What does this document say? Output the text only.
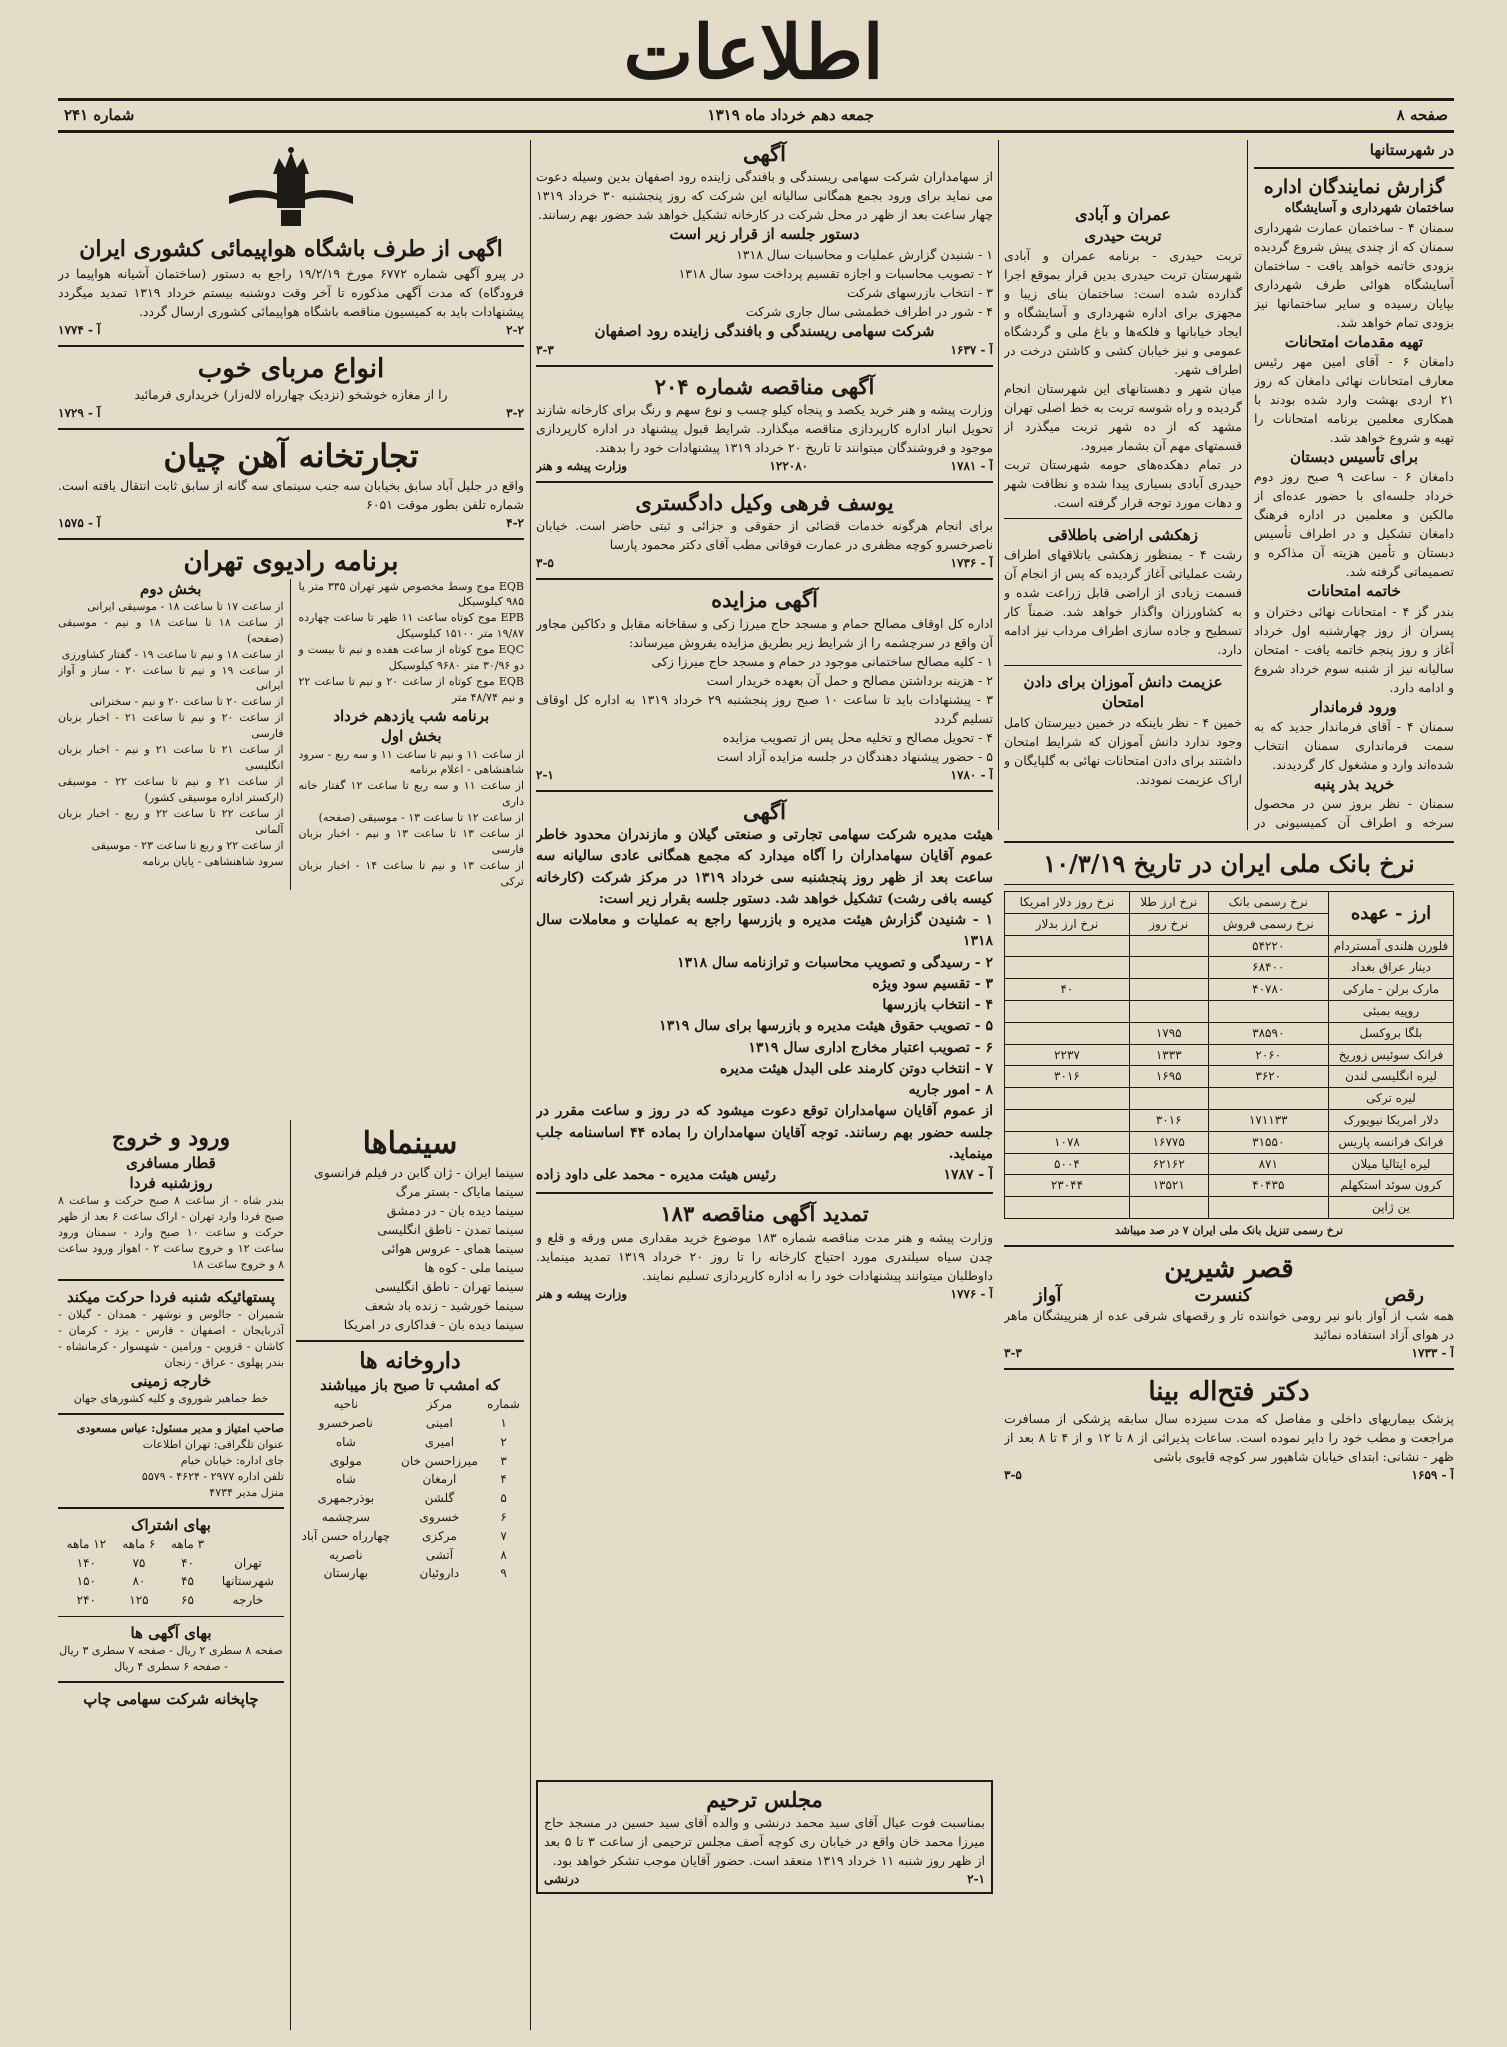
اطلاعات
صفحه ۸
جمعه دهم خرداد ماه ۱۳۱۹
شماره ۲۴۱
در شهرستانها
گزارش نمایندگان اداره
ساختمان شهرداری و آسایشگاه

سمنان ۴ - ساختمان عمارت شهرداری سمنان که از چندی پیش شروع گردیده بزودی خاتمه خواهد یافت - ساختمان آسایشگاه هوائی طرف شهرداری بپایان رسیده و سایر ساختمانها نیز بزودی تمام خواهد شد.

تهیه مقدمات امتحانات

دامغان ۶ - آقای امین مهر رئیس معارف امتحانات نهائی دامغان که روز ۲۱ اردی بهشت وارد شده بودند با همکاری معلمین برنامه امتحانات را تهیه و شروع خواهد شد.

برای تأسیس دبستان

دامغان ۶ - ساعت ۹ صبح روز دوم خرداد جلسه‌ای با حضور عده‌ای از مالکین و معلمین در اداره فرهنگ دامغان تشکیل و در اطراف تأسیس دبستان و تأمین هزینه آن مذاکره و تصمیماتی گرفته شد.

خاتمه امتحانات

بندر گز ۴ - امتحانات نهائی دختران و پسران از روز چهارشنبه اول خرداد آغاز و روز پنجم خاتمه یافت - امتحان سالیانه نیز از شنبه سوم خرداد شروع و ادامه دارد.

ورود فرماندار

سمنان ۴ - آقای فرماندار جدید که به سمت فرمانداری سمنان انتخاب شده‌اند وارد و مشغول کار گردیدند.

خرید بذر پنبه

سمنان - نظر بروز سن در محصول سرخه و اطراف آن کمیسیونی در

عمران و آبادی
تربت حیدری

تربت حیدری - برنامه عمران و آبادی شهرستان تربت حیدری بدین قرار بموقع اجرا گذارده شده است: ساختمان بنای زیبا و مجهزی برای اداره شهرداری و آسایشگاه و ایجاد خیابانها و فلکه‌ها و باغ ملی و گردشگاه عمومی و نیز خیابان کشی و کاشتن درخت در اطراف شهر.

میان شهر و دهستانهای این شهرستان انجام گردیده و راه شوسه تربت به خط اصلی تهران مشهد که از ده شهر تربت میگذرد از قسمتهای مهم آن بشمار میرود.

در تمام دهکده‌های حومه شهرستان تربت حیدری آبادی بسیاری پیدا شده و نظافت شهر و دهات مورد توجه قرار گرفته است.

زهکشی اراضی باطلاقی

رشت ۴ - بمنظور زهکشی باتلاقهای اطراف رشت عملیاتی آغاز گردیده که پس از انجام آن قسمت زیادی از اراضی قابل زراعت شده و به کشاورزان واگذار خواهد شد. ضمناً کار تسطیح و جاده سازی اطراف مرداب نیز ادامه دارد.

عزیمت دانش آموزان برای دادن امتحان

خمین ۴ - نظر باینکه در خمین دبیرستان کامل وجود ندارد دانش آموزان که شرایط امتحان داشتند برای دادن امتحانات نهائی به گلپایگان و اراک عزیمت نمودند.

آگهی

از سهامداران شرکت سهامی ریسندگی و بافندگی زاینده رود اصفهان بدین وسیله دعوت می نماید برای ورود بجمع همگانی سالیانه این شرکت که روز پنجشنبه ۳۰ خرداد ۱۳۱۹ چهار ساعت بعد از ظهر در محل شرکت در کارخانه تشکیل خواهد شد حضور بهم رسانند.

دستور جلسه از قرار زیر است
۱ - شنیدن گزارش عملیات و محاسبات سال ۱۳۱۸
۲ - تصویب محاسبات و اجازه تقسیم پرداخت سود سال ۱۳۱۸
۳ - انتخاب بازرسهای شرکت
۴ - شور در اطراف خطمشی سال جاری شرکت
شرکت سهامی ریسندگی و بافندگی زاینده رود اصفهان
آ - ۱۶۳۷
۳-۳
آگهی مناقصه شماره ۲۰۴

وزارت پیشه و هنر خرید یکصد و پنجاه کیلو چسب و نوع سهم و رنگ برای کارخانه شازند تحویل انبار اداره کارپردازی مناقصه میگذارد. شرایط قبول پیشنهاد در اداره کارپردازی موجود و فروشندگان میتوانند تا تاریخ ۲۰ خرداد ۱۳۱۹ پیشنهادات خود را بدهند.

آ - ۱۷۸۱
۱۲۲۰۸۰
وزارت پیشه و هنر
یوسف فرهی وکیل دادگستری

برای انجام هرگونه خدمات قضائی از حقوقی و جزائی و ثبتی حاضر است. خیابان ناصرخسرو کوچه مظفری در عمارت فوقانی مطب آقای دکتر محمود پارسا

آ - ۱۷۳۶
۳-۵
آگهی مزایده

اداره کل اوقاف مصالح حمام و مسجد حاج میرزا زکی و سقاخانه مقابل و دکاکین مجاور آن واقع در سرچشمه را از شرایط زیر بطریق مزایده بفروش میرساند:

۱ - کلیه مصالح ساختمانی موجود در حمام و مسجد حاج میرزا زکی
۲ - هزینه برداشتن مصالح و حمل آن بعهده خریدار است
۳ - پیشنهادات باید تا ساعت ۱۰ صبح روز پنجشنبه ۲۹ خرداد ۱۳۱۹ به اداره کل اوقاف تسلیم گردد
۴ - تحویل مصالح و تخلیه محل پس از تصویب مزایده
۵ - حضور پیشنهاد دهندگان در جلسه مزایده آزاد است
آ - ۱۷۸۰
۲-۱
آگهی

هیئت مدیره شرکت سهامی تجارتی و صنعتی گیلان و مازندران محدود خاطر عموم آقایان سهامداران را آگاه میدارد که مجمع همگانی عادی سالیانه سه ساعت بعد از ظهر روز پنجشنبه سی خرداد ۱۳۱۹ در مرکز شرکت (کارخانه کیسه بافی رشت) تشکیل خواهد شد. دستور جلسه بقرار زیر است:

۱ - شنیدن گزارش هیئت مدیره و بازرسها راجع به عملیات و معاملات سال ۱۳۱۸
۲ - رسیدگی و تصویب محاسبات و ترازنامه سال ۱۳۱۸
۳ - تقسیم سود ویژه
۴ - انتخاب بازرسها
۵ - تصویب حقوق هیئت مدیره و بازرسها برای سال ۱۳۱۹
۶ - تصویب اعتبار مخارج اداری سال ۱۳۱۹
۷ - انتخاب دوتن کارمند علی البدل هیئت مدیره
۸ - امور جاریه

از عموم آقایان سهامداران توقع دعوت میشود که در روز و ساعت مقرر در جلسه حضور بهم رسانند. توجه آقایان سهامداران را بماده ۴۴ اساسنامه جلب مینماید.

آ - ۱۷۸۷
رئیس هیئت مدیره - محمد علی داود زاده
تمدید آگهی مناقصه ۱۸۳

وزارت پیشه و هنر مدت مناقصه شماره ۱۸۳ موضوع خرید مقداری مس ورقه و قلع و چدن سیاه سیلندری مورد احتیاج کارخانه را تا روز ۲۰ خرداد ۱۳۱۹ تمدید مینماید. داوطلبان میتوانند پیشنهادات خود را به اداره کارپردازی تسلیم نمایند.

آ - ۱۷۷۶
وزارت پیشه و هنر
اگهی از طرف باشگاه هواپیمائی کشوری ایران

در پیرو آگهی شماره ۶۷۷۲ مورخ ۱۹/۲/۱۹ راجع به دستور (ساختمان آشیانه هواپیما در فرودگاه) که مدت آگهی مذکوره تا آخر وقت دوشنبه بیستم خرداد ۱۳۱۹ تمدید میگردد پیشنهادات باید به کمیسیون مناقصه باشگاه هواپیمائی کشوری ارسال گردد.

۲-۲
آ - ۱۷۷۴
انواع مربای خوب

را از مغازه خوشخو (نزدیک چهارراه لاله‌زار) خریداری فرمائید

۳-۲
آ - ۱۷۲۹
تجارتخانه آهن چیان

واقع در جلیل آباد سابق بخیابان سه جنب سینمای سه گانه از سابق ثابت انتقال یافته است. شماره تلفن بطور موقت ۶۰۵۱

۴-۲
آ - ۱۵۷۵
برنامه رادیوی تهران
EQB موج وسط مخصوص شهر تهران ۳۳۵ متر یا ۹۸۵ کیلوسیکل
EPB موج کوتاه ساعت ۱۱ ظهر تا ساعت چهارده ۱۹/۸۷ متر ۱۵۱۰۰ کیلوسیکل
EQC موج کوتاه از ساعت هفده و نیم تا بیست و دو ۳۰/۹۶ متر ۹۶۸۰ کیلوسیکل
EQB موج کوتاه از ساعت ۲۰ و نیم تا ساعت ۲۲ و نیم ۴۸/۷۴ متر
برنامه شب یازدهم خرداد
بخش اول
از ساعت ۱۱ و نیم تا ساعت ۱۱ و سه ربع - سرود شاهنشاهی - اعلام برنامه
از ساعت ۱۱ و سه ربع تا ساعت ۱۲ گفتار خانه داری
از ساعت ۱۲ تا ساعت ۱۳ - موسیقی (صفحه)
از ساعت ۱۳ تا ساعت ۱۳ و نیم - اخبار بزبان فارسی
از ساعت ۱۳ و نیم تا ساعت ۱۴ - اخبار بزبان ترکی
بخش دوم
از ساعت ۱۷ تا ساعت ۱۸ - موسیقی ایرانی
از ساعت ۱۸ تا ساعت ۱۸ و نیم - موسیقی (صفحه)
از ساعت ۱۸ و نیم تا ساعت ۱۹ - گفتار کشاورزی
از ساعت ۱۹ و نیم تا ساعت ۲۰ - ساز و آواز ایرانی
از ساعت ۲۰ تا ساعت ۲۰ و نیم - سخنرانی
از ساعت ۲۰ و نیم تا ساعت ۲۱ - اخبار بزبان فارسی
از ساعت ۲۱ تا ساعت ۲۱ و نیم - اخبار بزبان انگلیسی
از ساعت ۲۱ و نیم تا ساعت ۲۲ - موسیقی (ارکستر اداره موسیقی کشور)
از ساعت ۲۲ تا ساعت ۲۲ و ربع - اخبار بزبان آلمانی
از ساعت ۲۲ و ربع تا ساعت ۲۳ - موسیقی
سرود شاهنشاهی - پایان برنامه
ورود و خروج
قطار مسافری
روزشنبه فردا

بندر شاه - از ساعت ۸ صبح حرکت و ساعت ۸ صبح فردا وارد تهران - اراک ساعت ۶ بعد از ظهر حرکت و ساعت ۱۰ صبح وارد - سمنان ورود ساعت ۱۲ و خروج ساعت ۲ - اهواز ورود ساعت ۸ و خروج ساعت ۱۸

پستهائیکه شنبه فردا حرکت میکند

شمیران - جالوس و نوشهر - همدان - گیلان - آذربایجان - اصفهان - فارس - یزد - کرمان - کاشان - قزوین - ورامین - شهسوار - کرمانشاه - بندر پهلوی - عراق - زنجان

خارجه زمینی

خط جماهیر شوروی و کلیه کشورهای جهان

صاحب امتیاز و مدیر مسئول: عباس مسعودی
عنوان تلگرافی: تهران اطلاعات
جای اداره: خیابان خیام
تلفن اداره ۲۹۷۷ - ۴۶۲۴ - ۵۵۷۹
منزل مدیر ۴۷۳۴
بهای اشتراک
	۳ ماهه	۶ ماهه	۱۲ ماهه
تهران	۴۰	۷۵	۱۴۰
شهرستانها	۴۵	۸۰	۱۵۰
خارجه	۶۵	۱۲۵	۲۴۰
بهای آگهی ها

صفحه ۸ سطری ۲ ریال - صفحه ۷ سطری ۳ ریال - صفحه ۶ سطری ۴ ریال

چاپخانه شرکت سهامی چاپ
سینماها
سینما ایران - ژان گابن در فیلم فرانسوی
سینما مایاک - بستر مرگ
سینما دیده بان - در دمشق
سینما تمدن - ناطق انگلیسی
سینما همای - عروس هوائی
سینما ملی - کوه ها
سینما تهران - ناطق انگلیسی
سینما خورشید - زنده باد شعف
سینما دیده بان - فداکاری در امریکا
داروخانه ها
که امشب تا صبح باز میباشند
شماره	مرکز	ناحیه
۱	امینی	ناصرخسرو
۲	امیری	شاه
۳	میرزاحسن خان	مولوی
۴	ارمغان	شاه
۵	گلشن	بوذرجمهری
۶	خسروی	سرچشمه
۷	مرکزی	چهارراه حسن آباد
۸	آتشی	ناصریه
۹	داروئیان	بهارستان
نرخ بانک ملی ایران در تاریخ ۱۰/۳/۱۹
ارز - عهده	نرخ رسمی بانک	نرخ ارز طلا	نرخ روز دلار امریکا
	نرخ رسمی فروش	نرخ روز	نرخ ارز بدلار
فلورن هلندی آمستردام	۵۴۲۲۰		
دینار عراق بغداد	۶۸۴۰۰		
مارک برلن - مارکی	۴۰۷۸۰		۴۰
روپیه بمبئی			
بلگا بروکسل	۳۸۵۹۰	۱۷۹۵	
فرانک سوئیس زوریخ	۲۰۶۰	۱۳۳۳	۲۲۳۷
لیره انگلیسی لندن	۳۶۲۰	۱۶۹۵	۳۰۱۶
لیره ترکی			
دلار امریکا نیویورک	۱۷۱۱۳۳	۳۰۱۶	
فرانک فرانسه پاریس	۳۱۵۵۰	۱۶۷۷۵	۱۰۷۸
لیره ایتالیا میلان	۸۷۱	۶۲۱۶۲	۵۰۰۴
کرون سوئد استکهلم	۴۰۴۳۵	۱۳۵۲۱	۲۳۰۴۴
ین ژاپن			
نرخ رسمی تنزیل بانک ملی ایران ۷ در صد میباشد
قصر شیرین
رقص
کنسرت
آواز

همه شب از آواز بانو نیر رومی خواننده تار و رقصهای شرقی عده از هنرپیشگان ماهر در هوای آزاد استفاده نمائید

آ - ۱۷۳۳
۳-۳
دکتر فتح‌اله بینا

پزشک بیماریهای داخلی و مفاصل که مدت سیزده سال سابقه پزشکی از مسافرت مراجعت و مطب خود را دایر نموده است. ساعات پذیرائی از ۸ تا ۱۲ و از ۴ تا ۸ بعد از ظهر - نشانی: ابتدای خیابان شاهپور سر کوچه قایوی باشی

آ - ۱۶۵۹
۳-۵
مجلس ترحیم

بمناسبت فوت عیال آقای سید محمد درنشی و والده آقای سید حسین در مسجد حاج میرزا محمد خان واقع در خیابان ری کوچه آصف مجلس ترحیمی از ساعت ۳ تا ۵ بعد از ظهر روز شنبه ۱۱ خرداد ۱۳۱۹ منعقد است. حضور آقایان موجب تشکر خواهد بود.

۲-۱
درنشی
